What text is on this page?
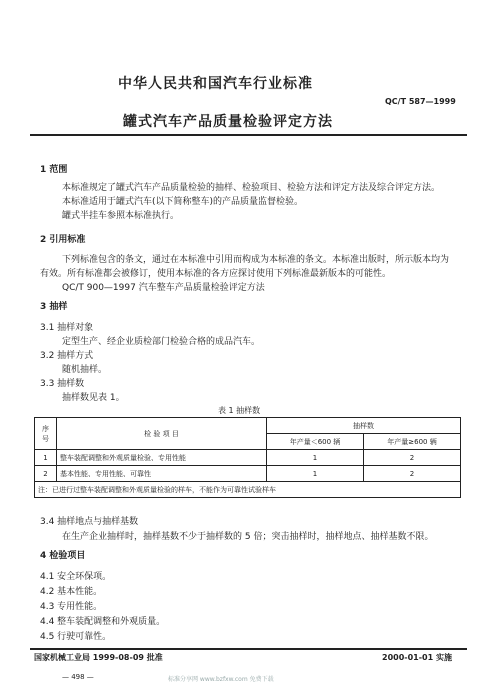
中华人民共和国汽车行业标准
罐式汽车产品质量检验评定方法
QC/T 587—1999
1 范围
本标准规定了罐式汽车产品质量检验的抽样、检验项目、检验方法和评定方法及综合评定方法。
本标准适用于罐式汽车(以下简称整车)的产品质量监督检验。
罐式半挂车参照本标准执行。
2 引用标准
下列标准包含的条文，通过在本标准中引用而构成为本标准的条文。本标准出版时，所示版本均为
有效。所有标准都会被修订，使用本标准的各方应探讨使用下列标准最新版本的可能性。
QC/T 900—1997 汽车整车产品质量检验评定方法
3 抽样
3.1 抽样对象
定型生产、经企业质检部门检验合格的成品汽车。
3.2 抽样方式
随机抽样。
3.3 抽样数
抽样数见表 1。
表 1 抽样数
序
号	检 验 项 目	抽样数	
		年产量＜600 辆	年产量≥600 辆
1	整车装配调整和外观质量检验、专用性能	1	2
2	基本性能、专用性能、可靠性	1	2
注：已进行过整车装配调整和外观质量检验的样车，不能作为可靠性试验样车			
3.4 抽样地点与抽样基数
在生产企业抽样时，抽样基数不少于抽样数的 5 倍；突击抽样时，抽样地点、抽样基数不限。
4 检验项目
4.1 安全环保项。
4.2 基本性能。
4.3 专用性能。
4.4 整车装配调整和外观质量。
4.5 行驶可靠性。
国家机械工业局 1999-08-09 批准	2000-01-01 实施
— 498 —	标准分享网 www.bzfxw.com 免费下载
